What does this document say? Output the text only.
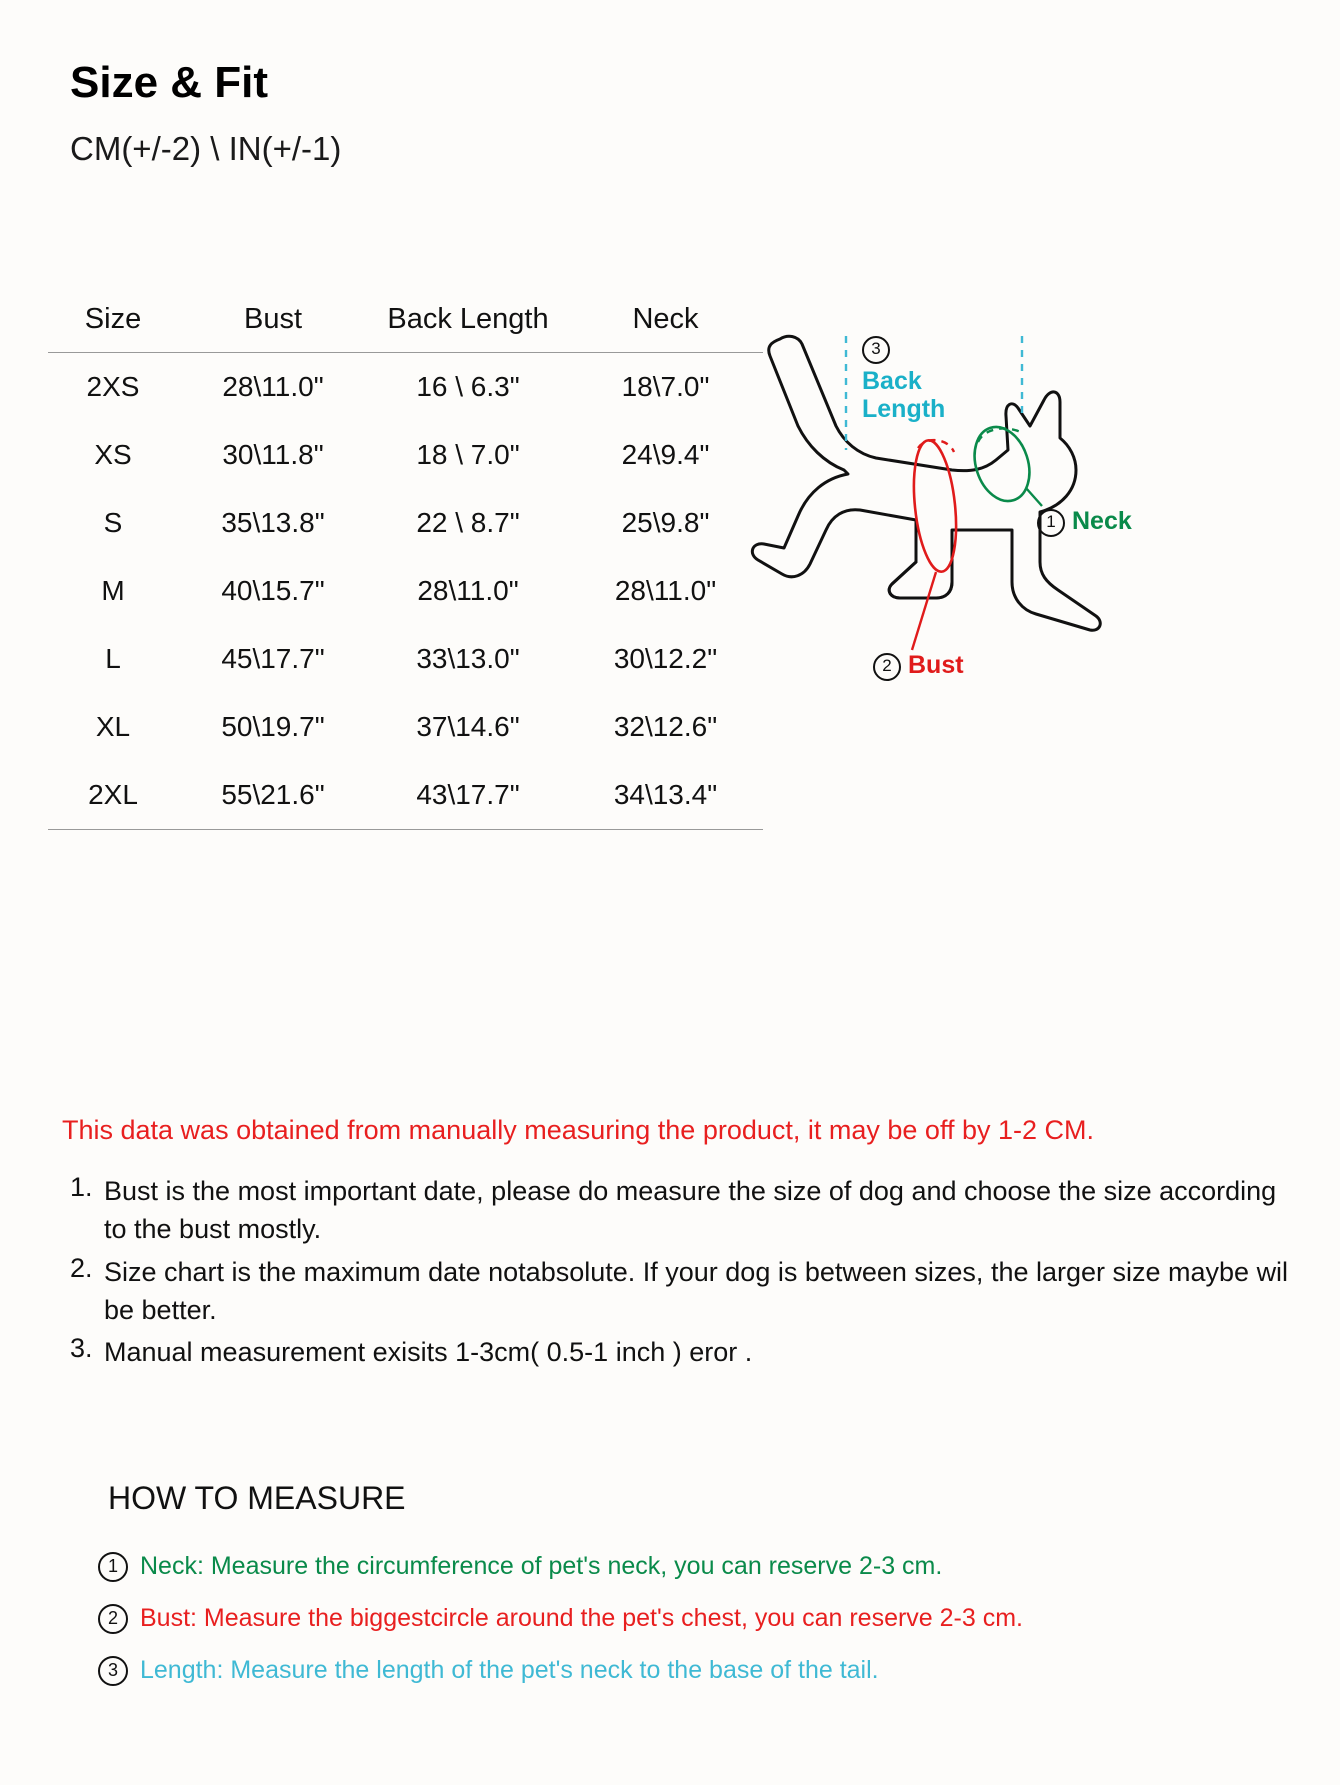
Size & Fit
CM(+/-2) \ IN(+/-1)
Size	Bust	Back Length	Neck
2XS	28\11.0"	16 \ 6.3"	18\7.0"
XS	30\11.8"	18 \ 7.0"	24\9.4"
S	35\13.8"	22 \ 8.7"	25\9.8"
M	40\15.7"	28\11.0"	28\11.0"
L	45\17.7"	33\13.0"	30\12.2"
XL	50\19.7"	37\14.6"	32\12.6"
2XL	55\21.6"	43\17.7"	34\13.4"
3
Back
Length
1 Neck
2 Bust
This data was obtained from manually measuring the product, it may be off by 1-2 CM.
1. Bust is the most important date, please do measure the size of dog and choose the size according to the bust mostly.
2. Size chart is the maximum date notabsolute. If your dog is between sizes, the larger size maybe wil be better.
3. Manual measurement exisits 1-3cm( 0.5-1 inch ) eror .
HOW TO MEASURE
1 Neck: Measure the circumference of pet's neck, you can reserve 2-3 cm.
2 Bust: Measure the biggestcircle around the pet's chest, you can reserve 2-3 cm.
3 Length: Measure the length of the pet's neck to the base of the tail.
